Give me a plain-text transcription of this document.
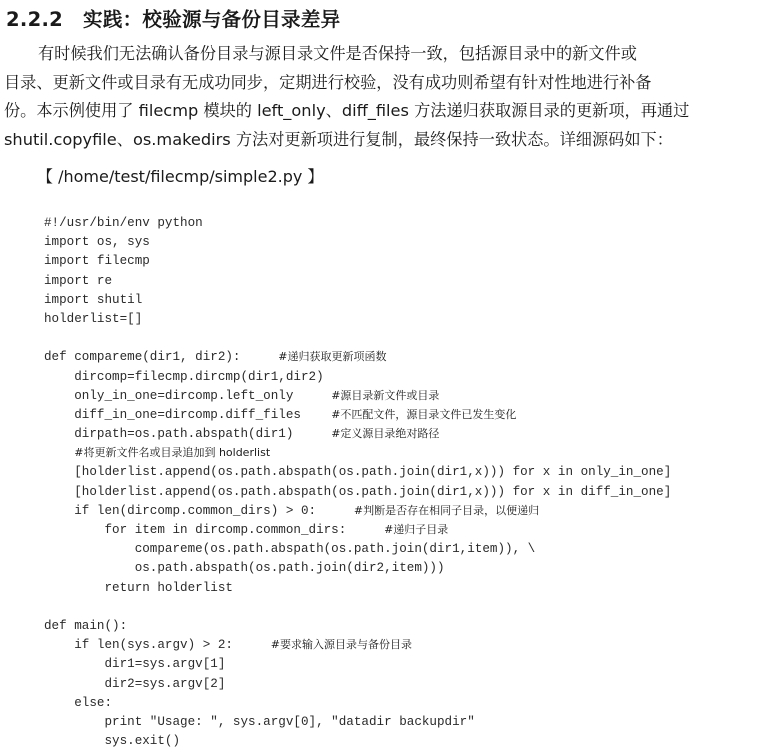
2.2.2 实践：校验源与备份目录差异
有时候我们无法确认备份目录与源目录文件是否保持一致，包括源目录中的新文件或
目录、更新文件或目录有无成功同步，定期进行校验，没有成功则希望有针对性地进行补备
份。本示例使用了 filecmp 模块的 left_only、diff_files 方法递归获取源目录的更新项，再通过
shutil.copyfile、os.makedirs 方法对更新项进行复制，最终保持一致状态。详细源码如下：
【 /home/test/filecmp/simple2.py 】
#!/usr/bin/env python
import os, sys
import filecmp
import re
import shutil
holderlist=[]
def compareme(dir1, dir2):     #递归获取更新项函数
dircomp=filecmp.dircmp(dir1,dir2)
only_in_one=dircomp.left_only     #源目录新文件或目录
diff_in_one=dircomp.diff_files    #不匹配文件，源目录文件已发生变化
dirpath=os.path.abspath(dir1)     #定义源目录绝对路径
#将更新文件名或目录追加到 holderlist
[holderlist.append(os.path.abspath(os.path.join(dir1,x))) for x in only_in_one]
[holderlist.append(os.path.abspath(os.path.join(dir1,x))) for x in diff_in_one]
if len(dircomp.common_dirs) > 0:     #判断是否存在相同子目录，以便递归
for item in dircomp.common_dirs:     #递归子目录
compareme(os.path.abspath(os.path.join(dir1,item)), \
os.path.abspath(os.path.join(dir2,item)))
return holderlist
def main():
if len(sys.argv) > 2:     #要求输入源目录与备份目录
dir1=sys.argv[1]
dir2=sys.argv[2]
else:
print "Usage: ", sys.argv[0], "datadir backupdir"
sys.exit()
